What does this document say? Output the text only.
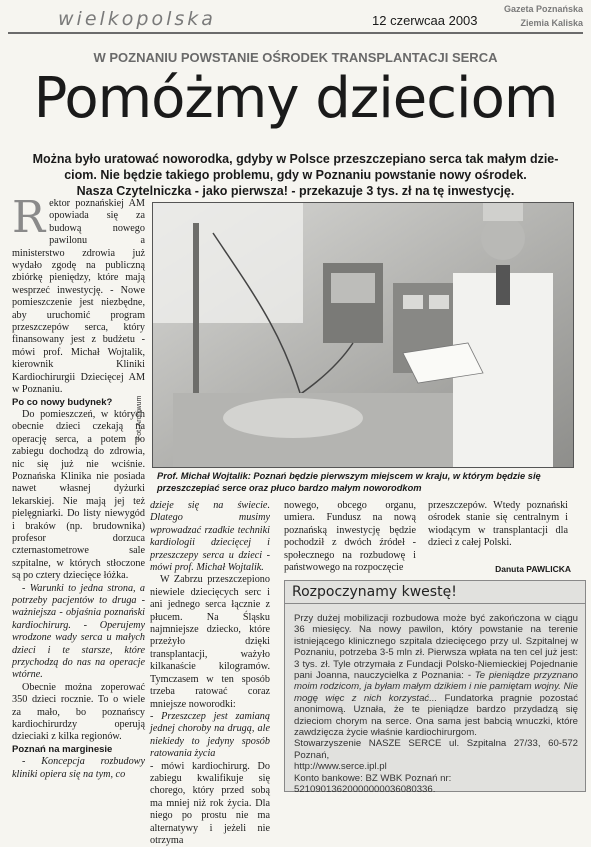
wielkopolska	12 czerwcaa 2003
Gazeta Poznańska
Ziemia Kaliska
W POZNANIU POWSTANIE OŚRODEK TRANSPLANTACJI SERCA
Pomóżmy dzieciom
Można było uratować noworodka, gdyby w Polsce przeszczepiano serca tak małym dzie-
ciom. Nie będzie takiego problemu, gdy w Poznaniu powstanie nowy ośrodek.
Nasza Czytelniczka - jako pierwsza! - przekazuje 3 tys. zł na tę inwestycję.
R ektor poznańskiej AM opowiada się za budową nowego pawilonu a ministerstwo zdrowia już wydało zgodę na publiczną zbiórkę pieniędzy, które mają wesprzeć inwestycję. - Nowe pomieszczenie jest niezbędne, aby uruchomić program przeszczepów serca, który finansowany jest z budżetu - mówi prof. Michał Wojtalik, kierownik Kliniki Kardiochirurgii Dziecięcej AM w Poznaniu.

Po co nowy budynek?

Do pomieszczeń, w których obecnie dzieci czekają na operację serca, a potem po zabiegu dochodzą do zdrowia, nic się już nie wciśnie. Poznańska Klinika nie posiada nawet własnej dyżurki lekarskiej. Nie mają jej też pielęgniarki. Do listy niewygód i braków (np. brudownika) profesor dorzuca czternastometrowe sale szpitalne, w których stłoczone są po cztery dziecięce łóżka.

- Warunki to jedna strona, a potrzeby pacjentów to druga - ważniejsza - objaśnia poznański kardiochirurg. - Operujemy wrodzone wady serca u małych dzieci i te starsze, które przychodzą do nas na operacje wtórne.

Obecnie można zoperować 350 dzieci rocznie. To o wiele za mało, bo poznańscy kardiochirurdzy operują dzieciaki z kilka regionów.

Poznań na marginesie

- Koncepcja rozbudowy kliniki opiera się na tym, co

Fot. Archiwum
Prof. Michał Wojtalik: Poznań będzie pierwszym miejscem w kraju, w którym będzie się przeszczepiać serce oraz płuco bardzo małym noworodkom

dzieje się na świecie. Dlatego musimy wprowadzać rzadkie techniki kardiologii dziecięcej i przeszczepy serca u dzieci - mówi prof. Michał Wojtalik.

W Zabrzu przeszczepiono niewiele dziecięcych serc i ani jednego serca łącznie z płucem. Na Śląsku najmniejsze dziecko, które przeżyło dzięki transplantacji, ważyło kilkanaście kilogramów. Tymczasem w ten sposób trzeba ratować coraz mniejsze noworodki:

- Przeszczep jest zamianą jednej choroby na drugą, ale niekiedy to jedyny sposób ratowania życia

- mówi kardiochirurg. Do zabiegu kwalifikuje się chorego, który przed sobą ma mniej niż rok życia. Dla niego po prostu nie ma alternatywy i jeżeli nie otrzyma

nowego, obcego organu, umiera. Fundusz na nową poznańską inwestycję będzie pochodził z dwóch źródeł - społecznego na rozbudowę i państwowego na rozpoczęcie

przeszczepów. Wtedy poznański ośrodek stanie się centralnym i wiodącym w transplantacji dla dzieci z całej Polski.

Danuta PAWLICKA
Rozpoczynamy kwestę!
Przy dużej mobilizacji rozbudowa może być zakończona w ciągu 36 miesięcy. Na nowy pawilon, który powstanie na terenie istniejącego klinicznego szpitala dziecięcego przy ul. Szpitalnej w Poznaniu, potrzeba 3-5 mln zł. Pierwsza wpłata na ten cel już jest: 3 tys. zł. Tyle otrzymała z Fundacji Polsko-Niemieckiej Pojednanie pani Joanna, nauczycielka z Poznania: - Te pieniądze przyznano moim rodzicom, ja byłam małym dzikiem i nie pamiętam wojny. Nie mogę więc z nich korzystać... Fundatorka pragnie pozostać anonimową. Uznała, że te pieniądze bardzo przydadzą się dzieciom chorym na serce. Ona sama jest babcią wnuczki, które zawdzięcza życie właśnie kardiochirurgom.
Stowarzyszenie NASZE SERCE ul. Szpitalna 27/33, 60-572 Poznań,
http://www.serce.ipl.pl
Konto bankowe: BZ WBK Poznań nr:
52109013620000000036080336.
